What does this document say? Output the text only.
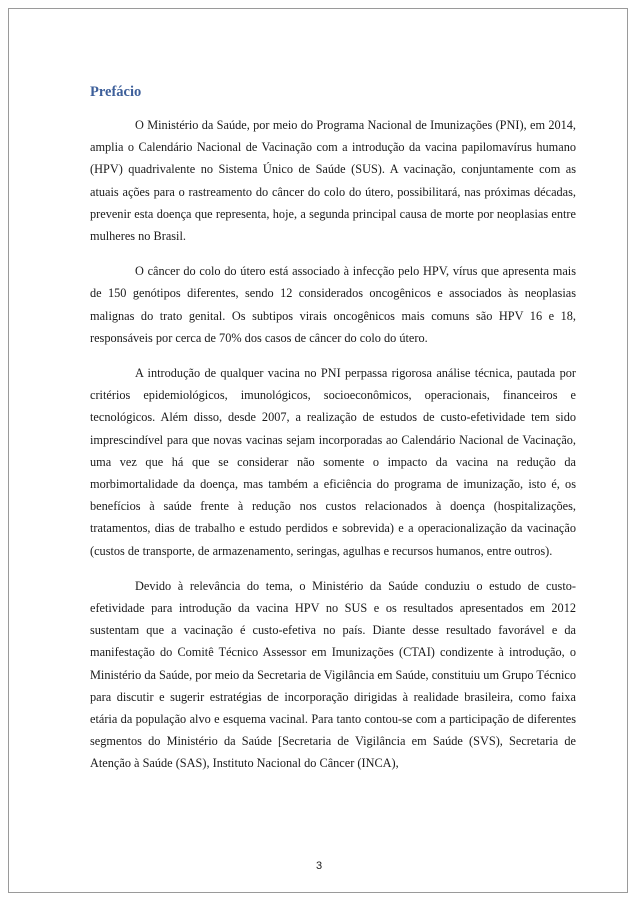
Prefácio

O Ministério da Saúde, por meio do Programa Nacional de Imunizações (PNI), em 2014, amplia o Calendário Nacional de Vacinação com a introdução da vacina papilomavírus humano (HPV) quadrivalente no Sistema Único de Saúde (SUS). A vacinação, conjuntamente com as atuais ações para o rastreamento do câncer do colo do útero, possibilitará, nas próximas décadas, prevenir esta doença que representa, hoje, a segunda principal causa de morte por neoplasias entre mulheres no Brasil.

O câncer do colo do útero está associado à infecção pelo HPV, vírus que apresenta mais de 150 genótipos diferentes, sendo 12 considerados oncogênicos e associados às neoplasias malignas do trato genital. Os subtipos virais oncogênicos mais comuns são HPV 16 e 18, responsáveis por cerca de 70% dos casos de câncer do colo do útero.

A introdução de qualquer vacina no PNI perpassa rigorosa análise técnica, pautada por critérios epidemiológicos, imunológicos, socioeconômicos, operacionais, financeiros e tecnológicos. Além disso, desde 2007, a realização de estudos de custo-efetividade tem sido imprescindível para que novas vacinas sejam incorporadas ao Calendário Nacional de Vacinação, uma vez que há que se considerar não somente o impacto da vacina na redução da morbimortalidade da doença, mas também a eficiência do programa de imunização, isto é, os benefícios à saúde frente à redução nos custos relacionados à doença (hospitalizações, tratamentos, dias de trabalho e estudo perdidos e sobrevida) e a operacionalização da vacinação (custos de transporte, de armazenamento, seringas, agulhas e recursos humanos, entre outros).

Devido à relevância do tema, o Ministério da Saúde conduziu o estudo de custo-efetividade para introdução da vacina HPV no SUS e os resultados apresentados em 2012 sustentam que a vacinação é custo-efetiva no país. Diante desse resultado favorável e da manifestação do Comitê Técnico Assessor em Imunizações (CTAI) condizente à introdução, o Ministério da Saúde, por meio da Secretaria de Vigilância em Saúde, constituiu um Grupo Técnico para discutir e sugerir estratégias de incorporação dirigidas à realidade brasileira, como faixa etária da população alvo e esquema vacinal. Para tanto contou-se com a participação de diferentes segmentos do Ministério da Saúde [Secretaria de Vigilância em Saúde (SVS), Secretaria de Atenção à Saúde (SAS), Instituto Nacional do Câncer (INCA),

3
